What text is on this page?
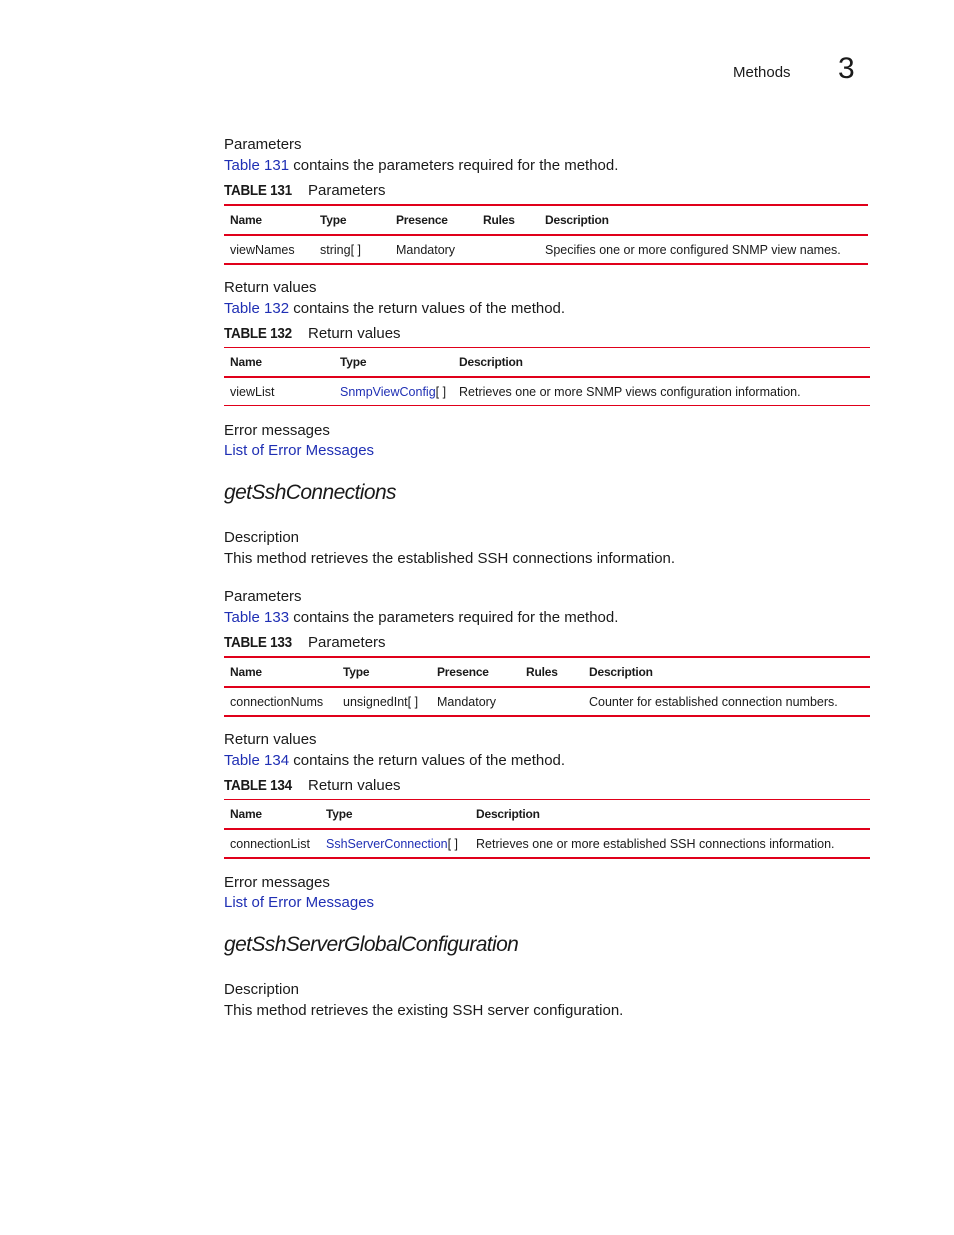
Methods 3
Parameters

Table 131 contains the parameters required for the method.

TABLE 131 Parameters
Name	Type	Presence	Rules	Description
viewNames	string[ ]	Mandatory		Specifies one or more configured SNMP view names.
Return values

Table 132 contains the return values of the method.

TABLE 132 Return values
Name	Type	Description
viewList	SnmpViewConfig[ ]	Retrieves one or more SNMP views configuration information.
Error messages

List of Error Messages

getSshConnections
Description

This method retrieves the established SSH connections information.

Parameters

Table 133 contains the parameters required for the method.

TABLE 133 Parameters
Name	Type	Presence	Rules	Description
connectionNums	unsignedInt[ ]	Mandatory		Counter for established connection numbers.
Return values

Table 134 contains the return values of the method.

TABLE 134 Return values
Name	Type	Description
connectionList	SshServerConnection[ ]	Retrieves one or more established SSH connections information.
Error messages

List of Error Messages

getSshServerGlobalConfiguration
Description

This method retrieves the existing SSH server configuration.
